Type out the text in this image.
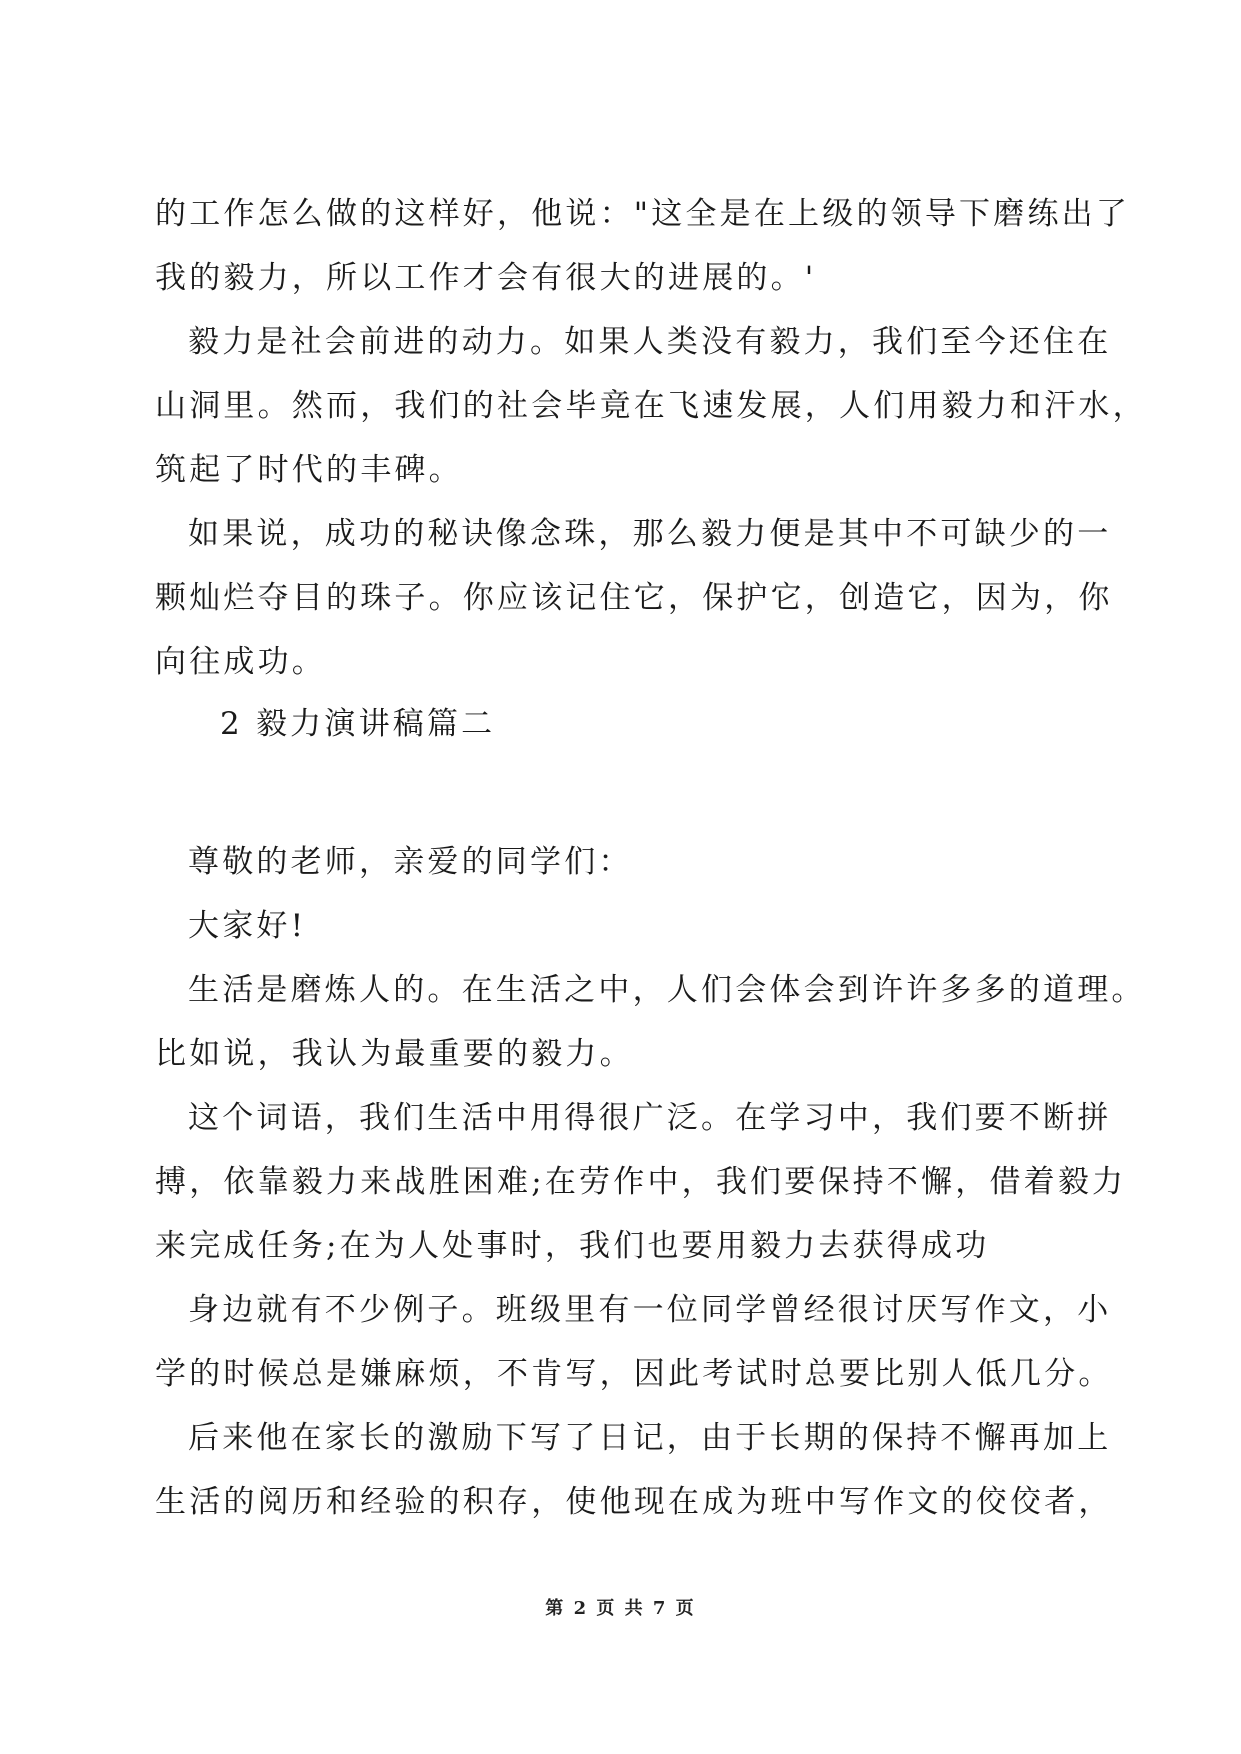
的工作怎么做的这样好，他说："这全是在上级的领导下磨练出了
我的毅力，所以工作才会有很大的进展的。'
毅力是社会前进的动力。如果人类没有毅力，我们至今还住在
山洞里。然而，我们的社会毕竟在飞速发展，人们用毅力和汗水，
筑起了时代的丰碑。
如果说，成功的秘诀像念珠，那么毅力便是其中不可缺少的一
颗灿烂夺目的珠子。你应该记住它，保护它，创造它，因为，你
向往成功。
2 毅力演讲稿篇二
尊敬的老师，亲爱的同学们：
大家好!
生活是磨炼人的。在生活之中，人们会体会到许许多多的道理。
比如说，我认为最重要的毅力。
这个词语，我们生活中用得很广泛。在学习中，我们要不断拼
搏，依靠毅力来战胜困难;在劳作中，我们要保持不懈，借着毅力
来完成任务;在为人处事时，我们也要用毅力去获得成功
身边就有不少例子。班级里有一位同学曾经很讨厌写作文，小
学的时候总是嫌麻烦，不肯写，因此考试时总要比别人低几分。
后来他在家长的激励下写了日记，由于长期的保持不懈再加上
生活的阅历和经验的积存，使他现在成为班中写作文的佼佼者，
第 2 页 共 7 页
